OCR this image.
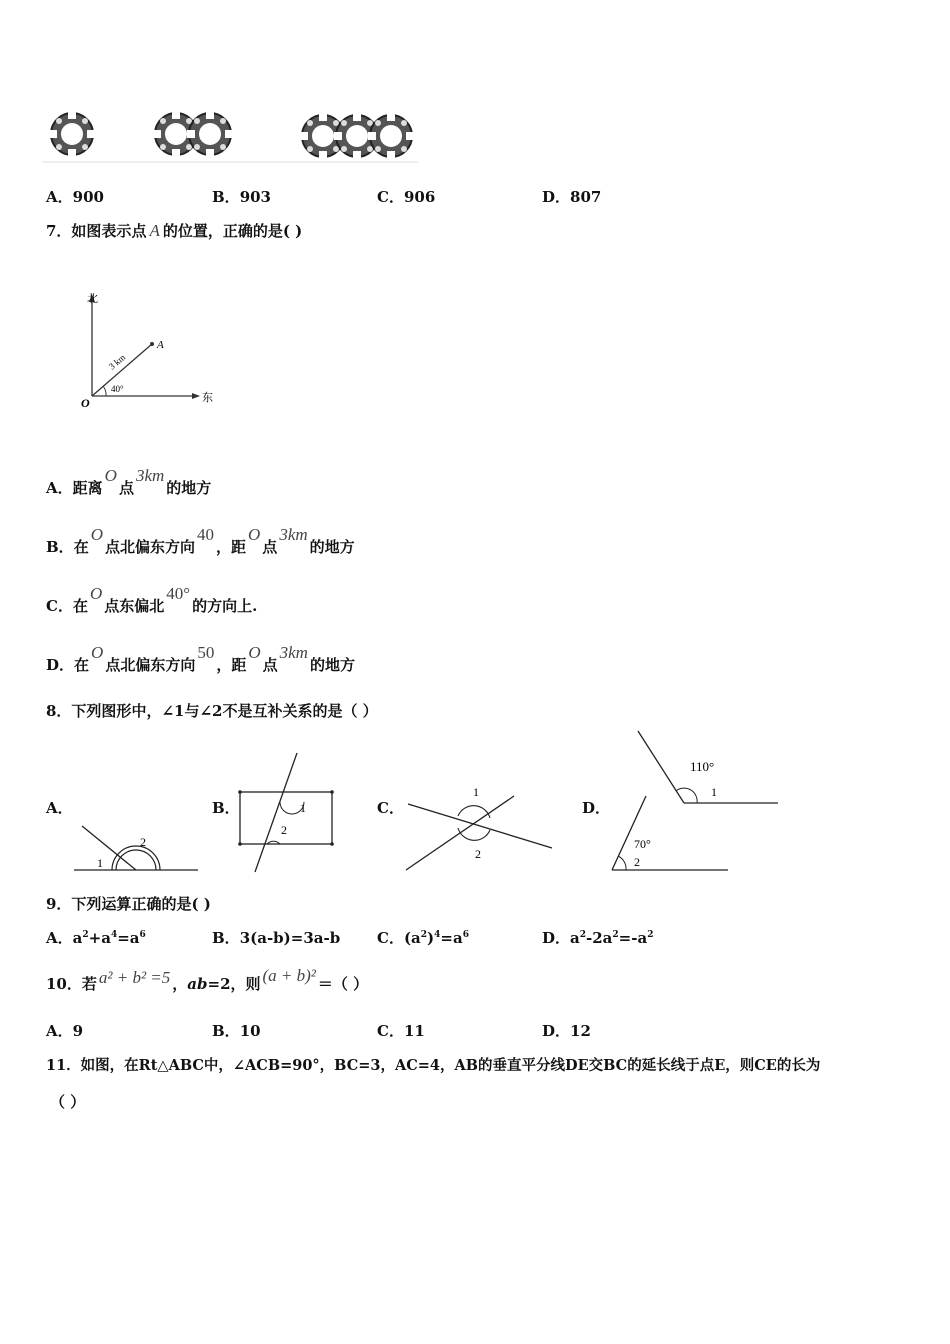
A．900	B．903	C．906	D．807
7．如图表示点 A 的位置，正确的是( )
北
东
O
A
3 km
40°
A．距离O点3km的地方
B．在O点北偏东方向40，距O点3km的地方
C．在O点东偏北40°的方向上.
D．在O点北偏东方向50，距O点3km的地方
8．下列图形中，∠1与∠2不是互补关系的是（ ）
A．	B．	C．	D．
1
2
1
2
1
2
110°
1
70°
2
9．下列运算正确的是( )
A．$a^2+a^4=a^6$	B．3(a-b)=3a-b C．$(a^2)^4=a^6$	D．$a^2-2a^2=-a^2$
10．若 a² + b² =5 ，ab=2，则 (a + b)² ＝（ ）
A．9	B．10	C．11	D．12
11．如图，在Rt△ABC中，∠ACB=90°，BC=3，AC=4，AB的垂直平分线DE交BC的延长线于点E，则CE的长为
（ ）
